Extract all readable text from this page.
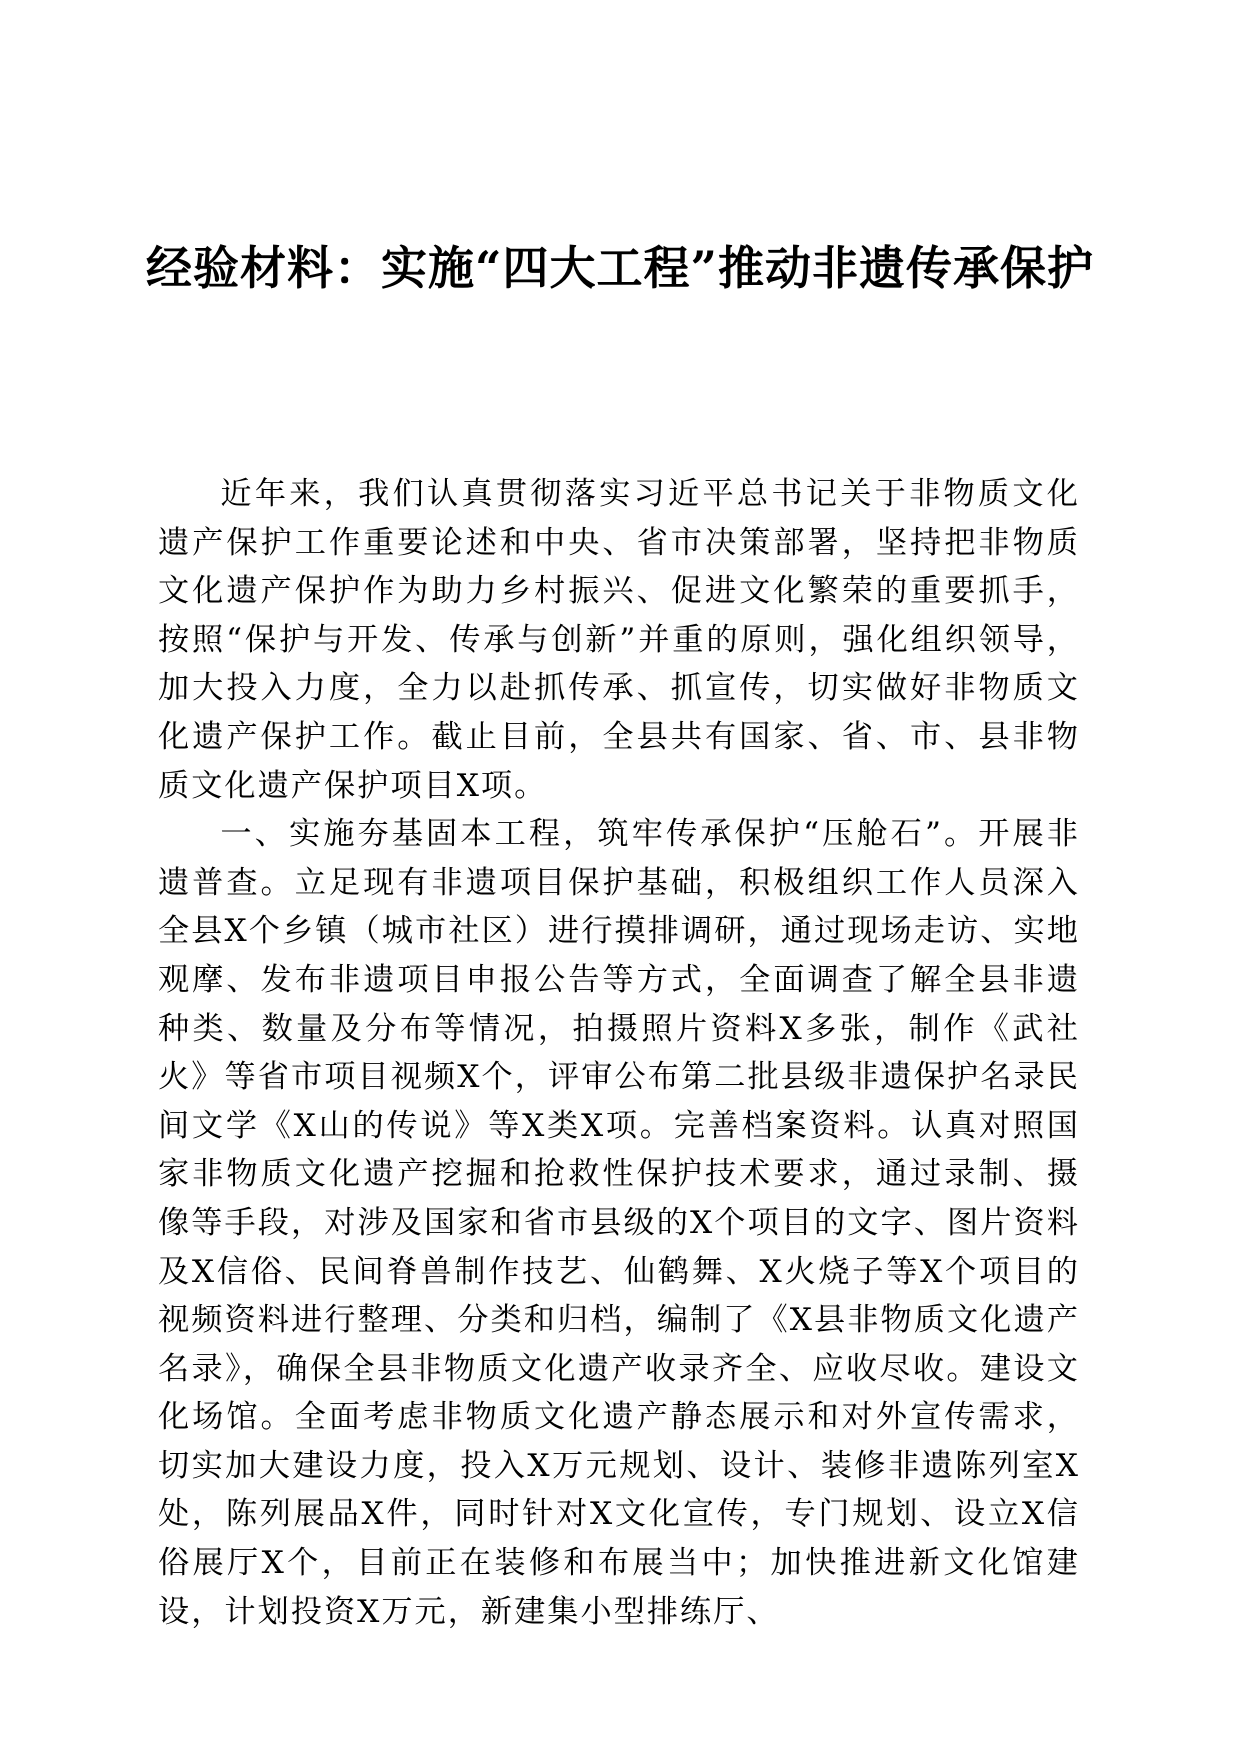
经验材料：实施“四大工程”推动非遗传承保护

近年来，我们认真贯彻落实习近平总书记关于非物质文化遗产保护工作重要论述和中央、省市决策部署，坚持把非物质文化遗产保护作为助力乡村振兴、促进文化繁荣的重要抓手，按照“保护与开发、传承与创新”并重的原则，强化组织领导，加大投入力度，全力以赴抓传承、抓宣传，切实做好非物质文化遗产保护工作。截止目前，全县共有国家、省、市、县非物质文化遗产保护项目X项。

一、实施夯基固本工程，筑牢传承保护“压舱石”。开展非遗普查。立足现有非遗项目保护基础，积极组织工作人员深入全县X个乡镇（城市社区）进行摸排调研，通过现场走访、实地观摩、发布非遗项目申报公告等方式，全面调查了解全县非遗种类、数量及分布等情况，拍摄照片资料X多张，制作《武社火》等省市项目视频X个，评审公布第二批县级非遗保护名录民间文学《X山的传说》等X类X项。完善档案资料。认真对照国家非物质文化遗产挖掘和抢救性保护技术要求，通过录制、摄像等手段，对涉及国家和省市县级的X个项目的文字、图片资料及X信俗、民间脊兽制作技艺、仙鹤舞、X火烧子等X个项目的视频资料进行整理、分类和归档，编制了《X县非物质文化遗产名录》，确保全县非物质文化遗产收录齐全、应收尽收。建设文化场馆。全面考虑非物质文化遗产静态展示和对外宣传需求，切实加大建设力度，投入X万元规划、设计、装修非遗陈列室X处，陈列展品X件，同时针对X文化宣传，专门规划、设立X信俗展厅X个，目前正在装修和布展当中；加快推进新文化馆建设，计划投资X万元，新建集小型排练厅、
